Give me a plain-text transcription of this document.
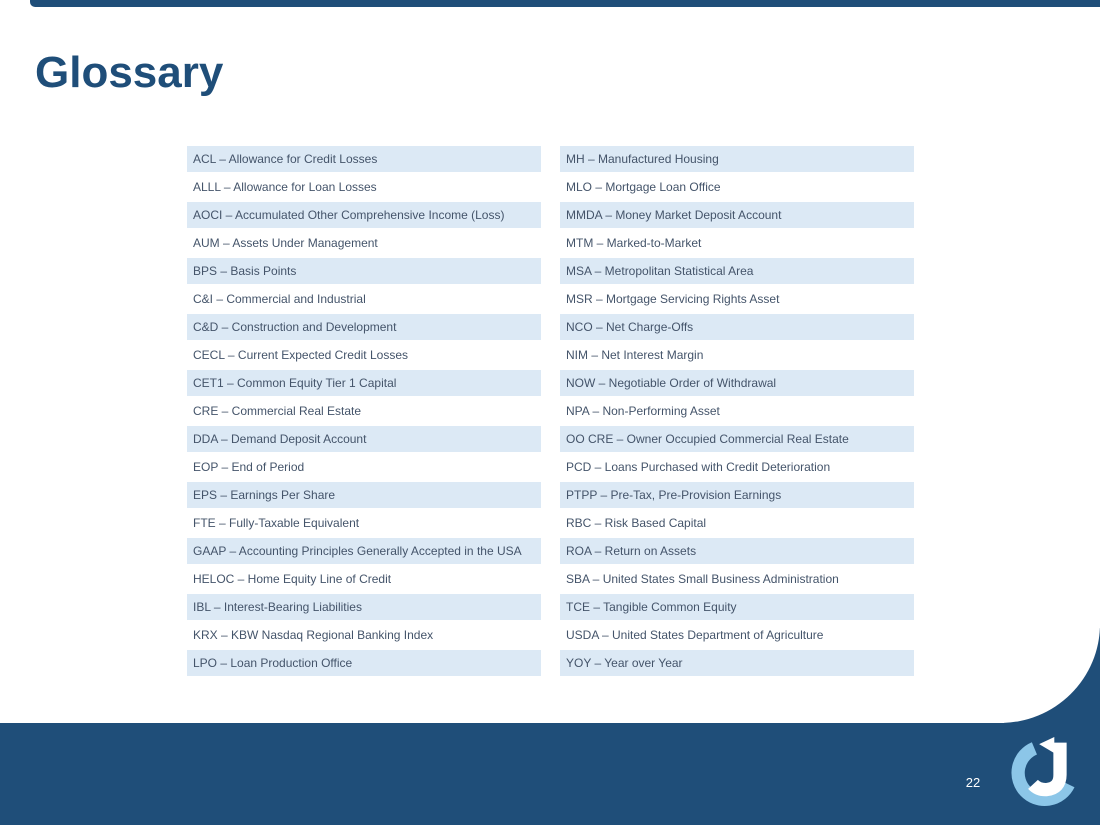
Glossary
ACL – Allowance for Credit Losses
ALLL – Allowance for Loan Losses
AOCI – Accumulated Other Comprehensive Income (Loss)
AUM – Assets Under Management
BPS – Basis Points
C&I – Commercial and Industrial
C&D – Construction and Development
CECL – Current Expected Credit Losses
CET1 – Common Equity Tier 1 Capital
CRE – Commercial Real Estate
DDA – Demand Deposit Account
EOP – End of Period
EPS – Earnings Per Share
FTE – Fully-Taxable Equivalent
GAAP – Accounting Principles Generally Accepted in the USA
HELOC – Home Equity Line of Credit
IBL – Interest-Bearing Liabilities
KRX – KBW Nasdaq Regional Banking Index
LPO – Loan Production Office
MH – Manufactured Housing
MLO – Mortgage Loan Office
MMDA – Money Market Deposit Account
MTM – Marked-to-Market
MSA – Metropolitan Statistical Area
MSR – Mortgage Servicing Rights Asset
NCO – Net Charge-Offs
NIM – Net Interest Margin
NOW – Negotiable Order of Withdrawal
NPA – Non-Performing Asset
OO CRE – Owner Occupied Commercial Real Estate
PCD – Loans Purchased with Credit Deterioration
PTPP – Pre-Tax, Pre-Provision Earnings
RBC – Risk Based Capital
ROA – Return on Assets
SBA – United States Small Business Administration
TCE – Tangible Common Equity
USDA – United States Department of Agriculture
YOY – Year over Year
22
